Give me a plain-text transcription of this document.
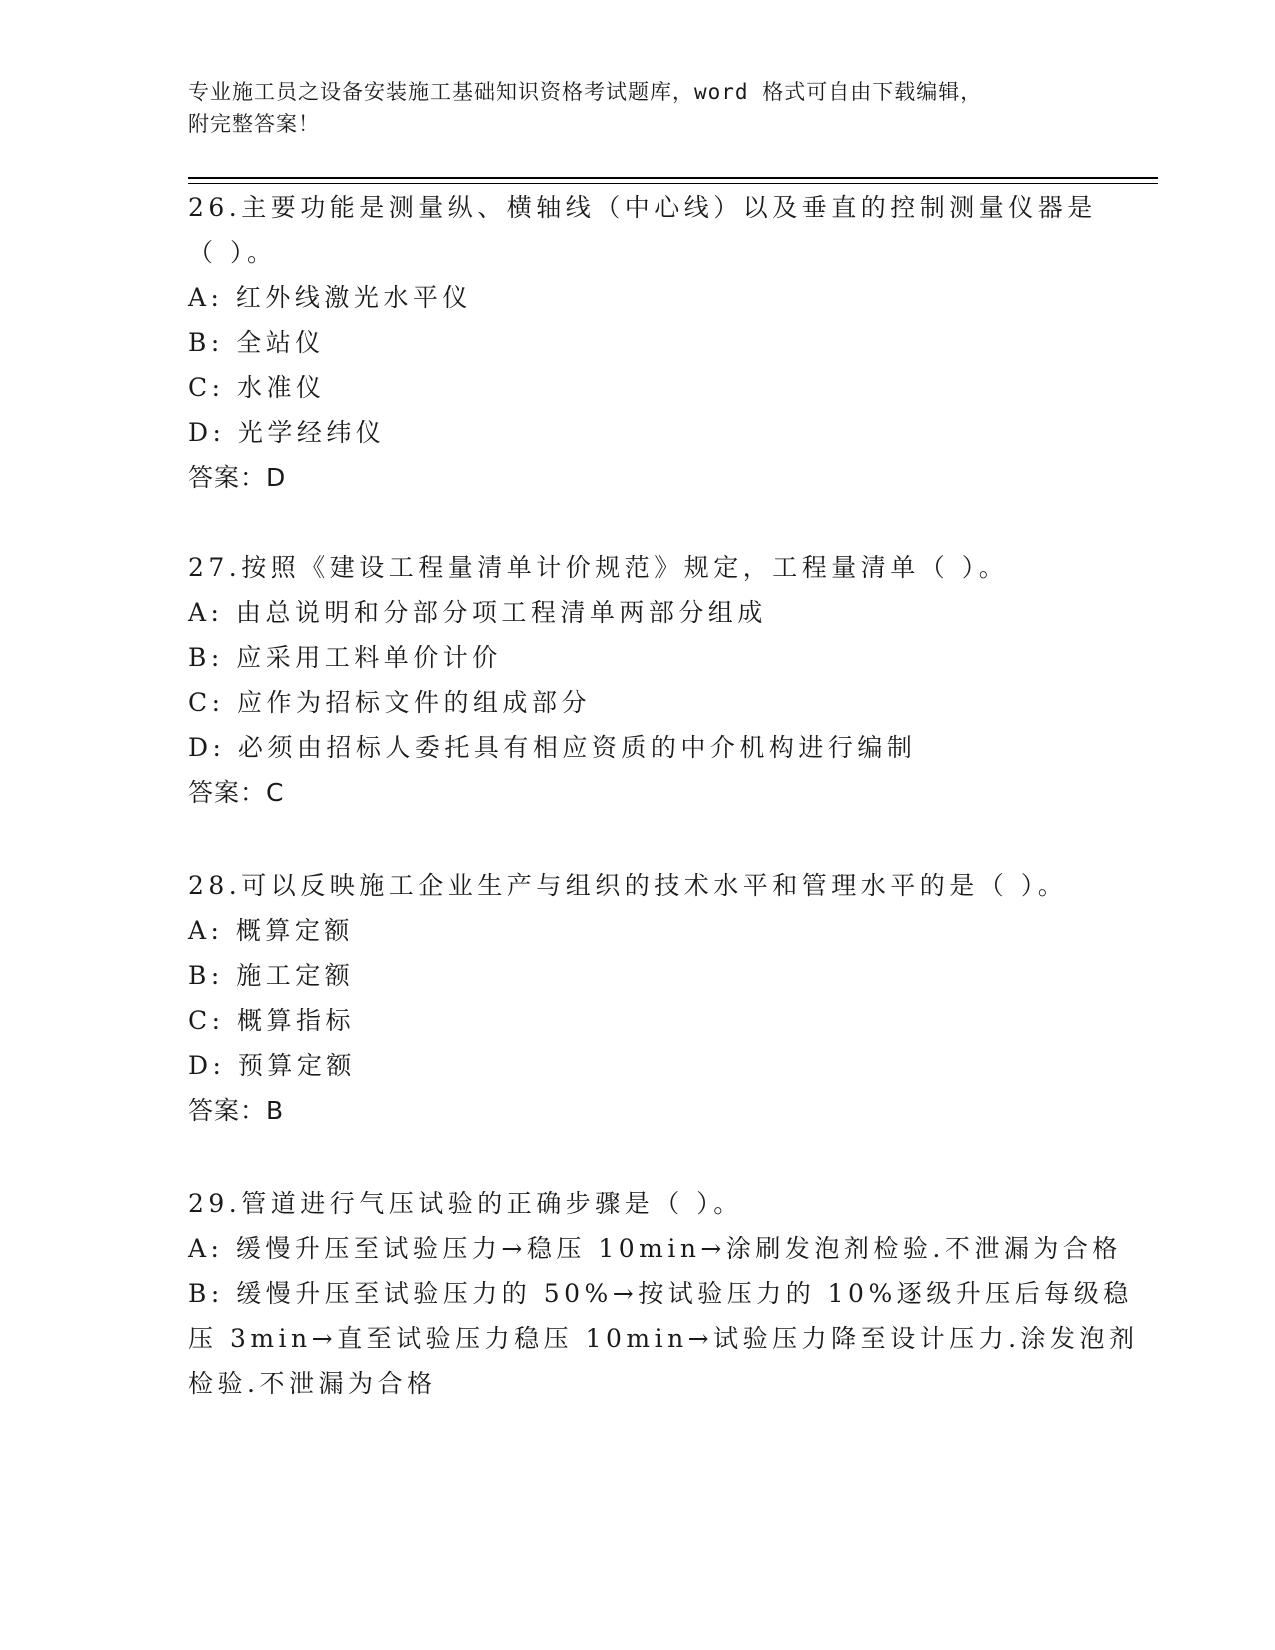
专业施工员之设备安装施工基础知识资格考试题库，word 格式可自由下载编辑，
附完整答案！
26.主要功能是测量纵、横轴线（中心线）以及垂直的控制测量仪器是
（ ）。
A: 红外线激光水平仪
B: 全站仪
C: 水准仪
D: 光学经纬仪
答案：D
27.按照《建设工程量清单计价规范》规定，工程量清单（ ）。
A: 由总说明和分部分项工程清单两部分组成
B: 应采用工料单价计价
C: 应作为招标文件的组成部分
D: 必须由招标人委托具有相应资质的中介机构进行编制
答案：C
28.可以反映施工企业生产与组织的技术水平和管理水平的是（ ）。
A: 概算定额
B: 施工定额
C: 概算指标
D: 预算定额
答案：B
29.管道进行气压试验的正确步骤是（ ）。
A: 缓慢升压至试验压力→稳压 10min→涂刷发泡剂检验.不泄漏为合格
B: 缓慢升压至试验压力的 50%→按试验压力的 10%逐级升压后每级稳
压 3min→直至试验压力稳压 10min→试验压力降至设计压力.涂发泡剂
检验.不泄漏为合格
